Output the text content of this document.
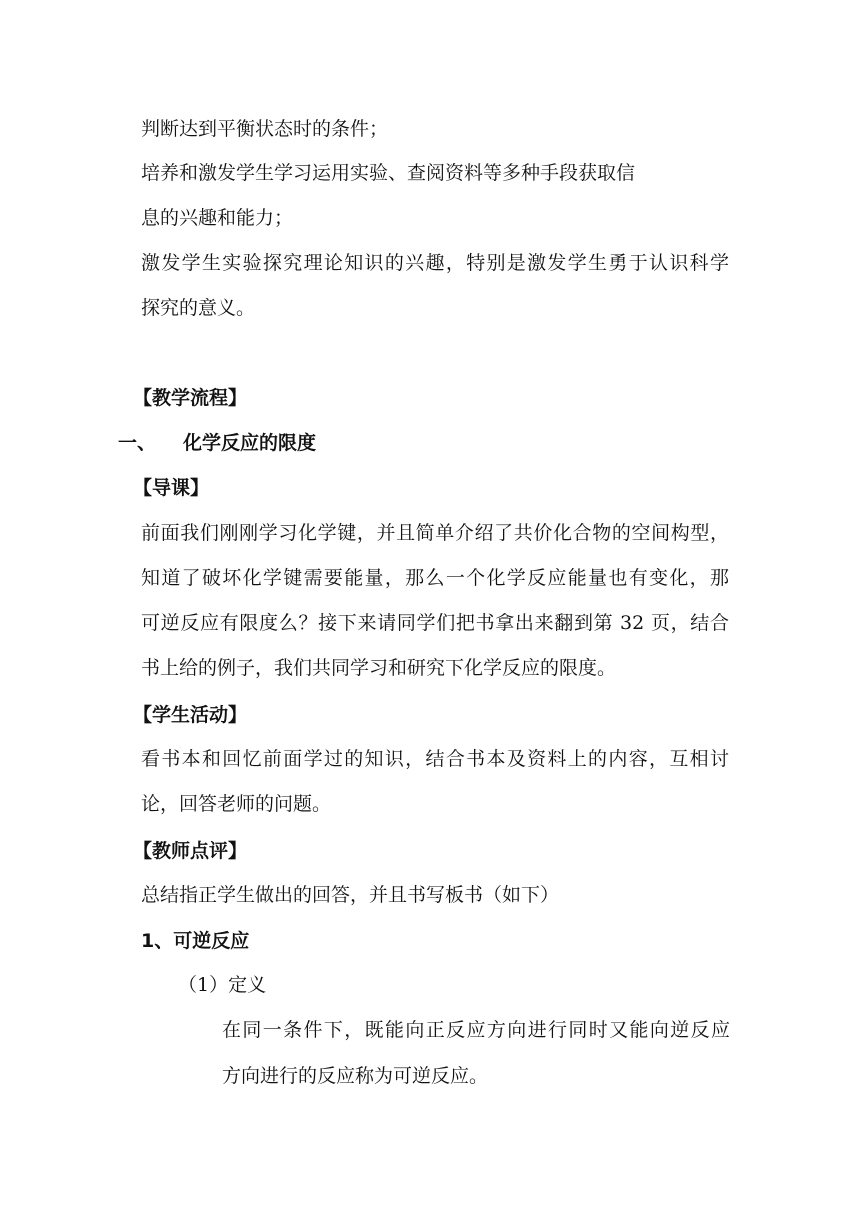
判断达到平衡状态时的条件；
培养和激发学生学习运用实验、查阅资料等多种手段获取信
息的兴趣和能力；
激发学生实验探究理论知识的兴趣，特别是激发学生勇于认识科学
探究的意义。
【教学流程】
一、 化学反应的限度
【导课】
前面我们刚刚学习化学键，并且简单介绍了共价化合物的空间构型，
知道了破坏化学键需要能量，那么一个化学反应能量也有变化，那
可逆反应有限度么？接下来请同学们把书拿出来翻到第 32 页，结合
书上给的例子，我们共同学习和研究下化学反应的限度。
【学生活动】
看书本和回忆前面学过的知识，结合书本及资料上的内容，互相讨
论，回答老师的问题。
【教师点评】
总结指正学生做出的回答，并且书写板书（如下）
1、可逆反应
（1）定义
在同一条件下，既能向正反应方向进行同时又能向逆反应
方向进行的反应称为可逆反应。
